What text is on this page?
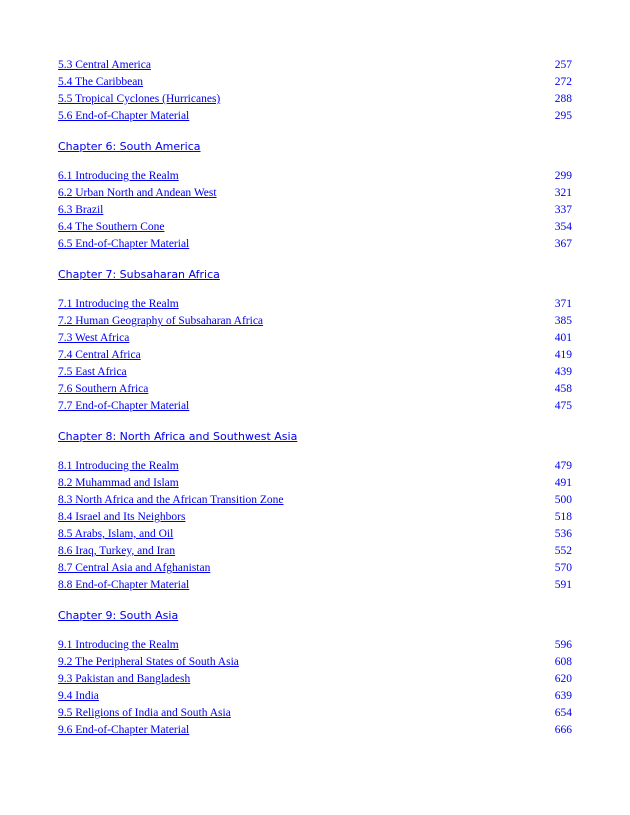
5.3 Central America	257
5.4 The Caribbean	272
5.5 Tropical Cyclones (Hurricanes)	288
5.6 End-of-Chapter Material	295
Chapter 6: South America
6.1 Introducing the Realm	299
6.2 Urban North and Andean West	321
6.3 Brazil	337
6.4 The Southern Cone	354
6.5 End-of-Chapter Material	367
Chapter 7: Subsaharan Africa
7.1 Introducing the Realm	371
7.2 Human Geography of Subsaharan Africa	385
7.3 West Africa	401
7.4 Central Africa	419
7.5 East Africa	439
7.6 Southern Africa	458
7.7 End-of-Chapter Material	475
Chapter 8: North Africa and Southwest Asia
8.1 Introducing the Realm	479
8.2 Muhammad and Islam	491
8.3 North Africa and the African Transition Zone	500
8.4 Israel and Its Neighbors	518
8.5 Arabs, Islam, and Oil	536
8.6 Iraq, Turkey, and Iran	552
8.7 Central Asia and Afghanistan	570
8.8 End-of-Chapter Material	591
Chapter 9: South Asia
9.1 Introducing the Realm	596
9.2 The Peripheral States of South Asia	608
9.3 Pakistan and Bangladesh	620
9.4 India	639
9.5 Religions of India and South Asia	654
9.6 End-of-Chapter Material	666
